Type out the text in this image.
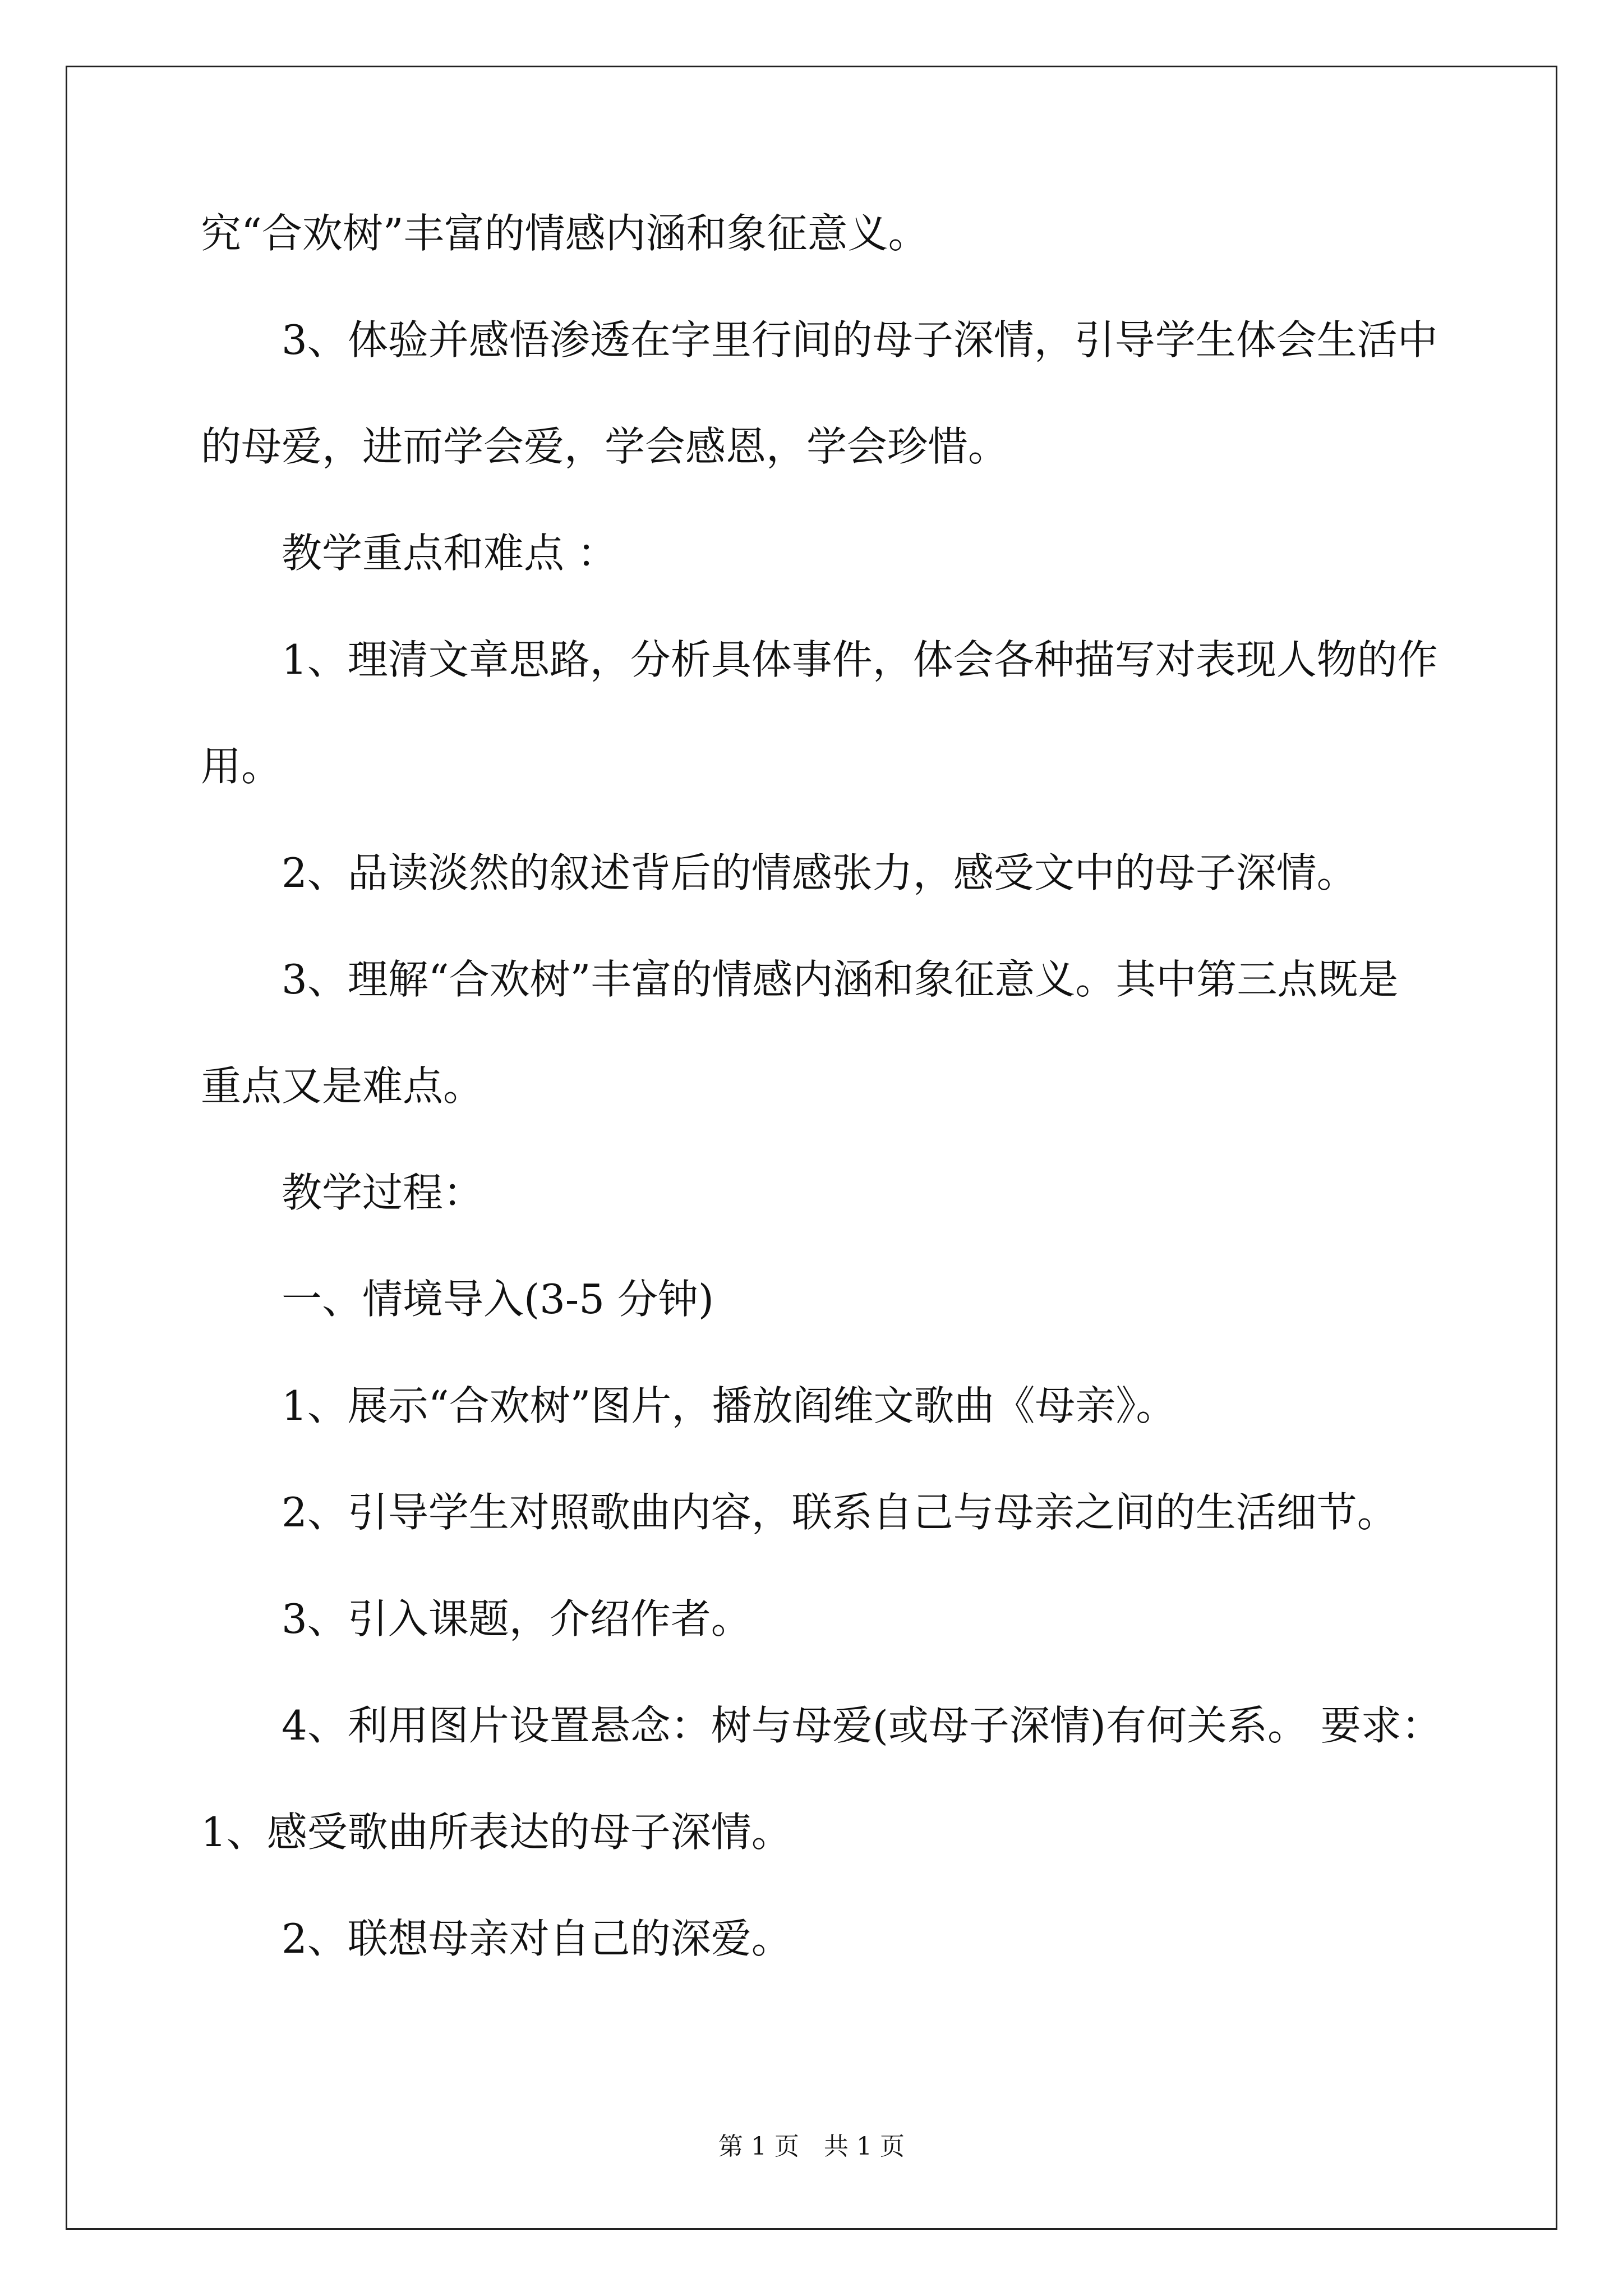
究“合欢树”丰富的情感内涵和象征意义。
3、体验并感悟渗透在字里行间的母子深情，引导学生体会生活中
的母爱，进而学会爱，学会感恩，学会珍惜。
教学重点和难点 ：
1、理清文章思路，分析具体事件，体会各种描写对表现人物的作
用。
2、品读淡然的叙述背后的情感张力，感受文中的母子深情。
3、理解“合欢树”丰富的情感内涵和象征意义。其中第三点既是
重点又是难点。
教学过程：
一、情境导入(3-5 分钟)
1、展示“合欢树”图片，播放阎维文歌曲《母亲》。
2、引导学生对照歌曲内容，联系自己与母亲之间的生活细节。
3、引入课题，介绍作者。
4、利用图片设置悬念：树与母爱(或母子深情)有何关系。 要求：
1、感受歌曲所表达的母子深情。
2、联想母亲对自己的深爱。
第 1 页　共 1 页
